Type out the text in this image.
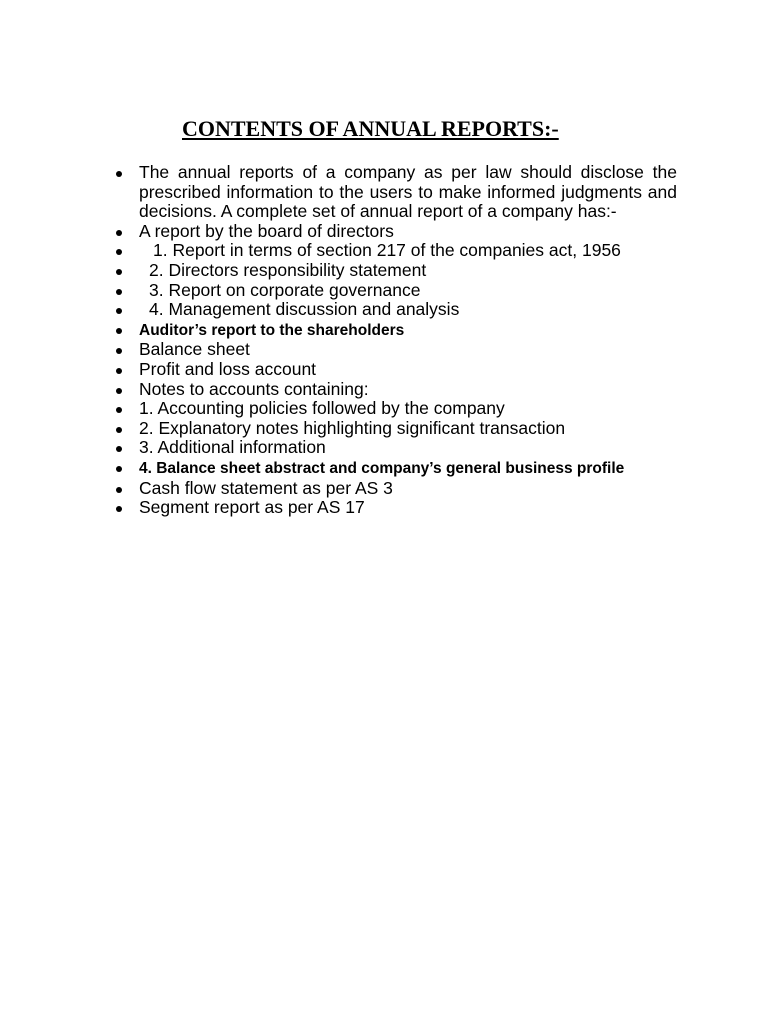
CONTENTS OF ANNUAL REPORTS:-
The annual reports of a company as per law should disclose the prescribed information to the users to make informed judgments and decisions. A complete set of annual report of a company has:-
A report by the board of directors
1. Report in terms of section 217 of the companies act, 1956
2. Directors responsibility statement
3. Report on corporate governance
4. Management discussion and analysis
Auditor’s report to the shareholders
Balance sheet
Profit and loss account
Notes to accounts containing:
1. Accounting policies followed by the company
2. Explanatory notes highlighting significant transaction
3. Additional information
4. Balance sheet abstract and company’s general business profile
Cash flow statement as per AS 3
Segment report as per AS 17
